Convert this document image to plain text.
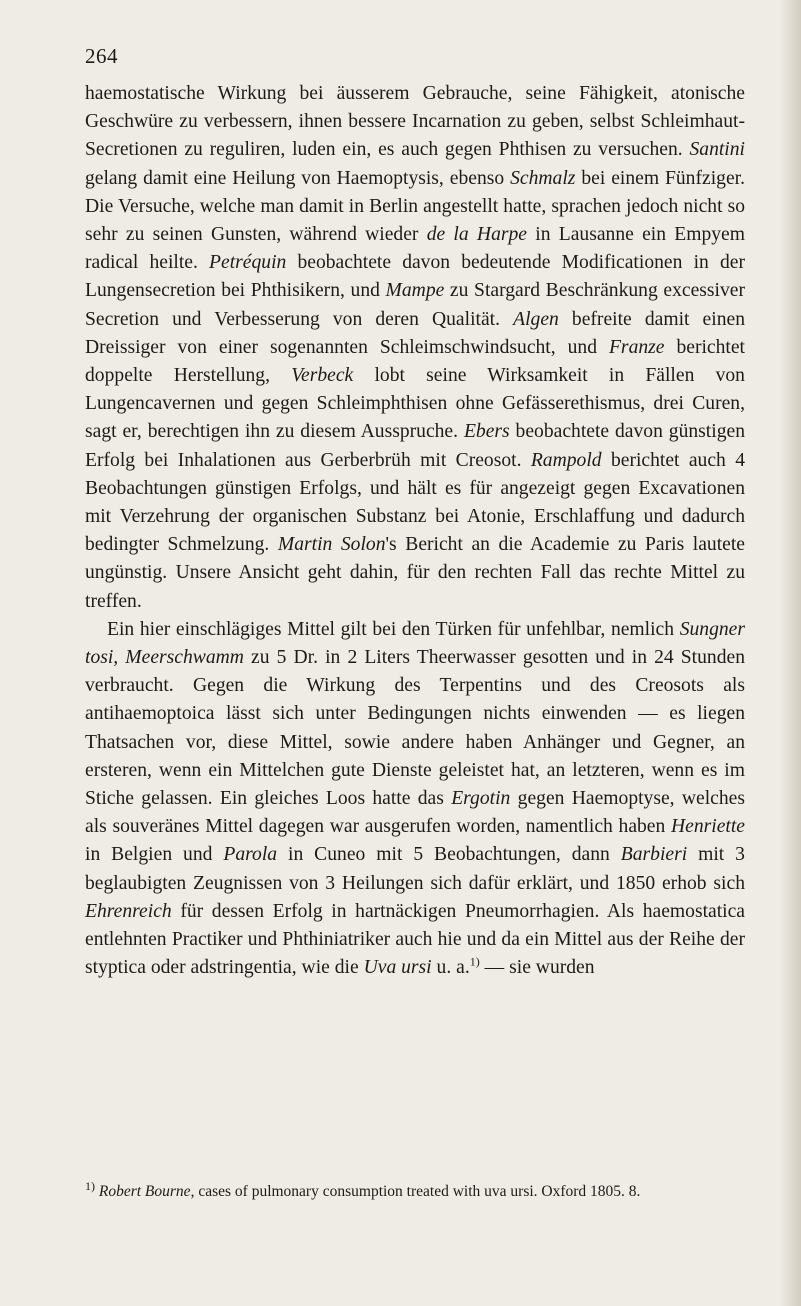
264

haemostatische Wirkung bei äusserem Gebrauche, seine Fähigkeit, atonische Geschwüre zu verbessern, ihnen bessere Incarnation zu geben, selbst Schleimhaut-Secretionen zu reguliren, luden ein, es auch gegen Phthisen zu versuchen. Santini gelang damit eine Heilung von Haemoptysis, ebenso Schmalz bei einem Fünfziger. Die Versuche, welche man damit in Berlin angestellt hatte, sprachen jedoch nicht so sehr zu seinen Gunsten, während wieder de la Harpe in Lausanne ein Empyem radical heilte. Petréquin beobachtete davon bedeutende Modificationen in der Lungensecretion bei Phthisikern, und Mampe zu Stargard Beschränkung excessiver Secretion und Verbesserung von deren Qualität. Algen befreite damit einen Dreissiger von einer sogenannten Schleimschwindsucht, und Franze berichtet doppelte Herstellung, Verbeck lobt seine Wirksamkeit in Fällen von Lungencavernen und gegen Schleimphthisen ohne Gefässerethismus, drei Curen, sagt er, berechtigen ihn zu diesem Ausspruche. Ebers beobachtete davon günstigen Erfolg bei Inhalationen aus Gerberbrüh mit Creosot. Rampold berichtet auch 4 Beobachtungen günstigen Erfolgs, und hält es für angezeigt gegen Excavationen mit Verzehrung der organischen Substanz bei Atonie, Erschlaffung und dadurch bedingter Schmelzung. Martin Solon's Bericht an die Academie zu Paris lautete ungünstig. Unsere Ansicht geht dahin, für den rechten Fall das rechte Mittel zu treffen.

Ein hier einschlägiges Mittel gilt bei den Türken für unfehlbar, nemlich Sungner tosi, Meerschwamm zu 5 Dr. in 2 Liters Theerwasser gesotten und in 24 Stunden verbraucht. Gegen die Wirkung des Terpentins und des Creosots als antihaemoptoica lässt sich unter Bedingungen nichts einwenden — es liegen Thatsachen vor, diese Mittel, sowie andere haben Anhänger und Gegner, an ersteren, wenn ein Mittelchen gute Dienste geleistet hat, an letzteren, wenn es im Stiche gelassen. Ein gleiches Loos hatte das Ergotin gegen Haemoptyse, welches als souveränes Mittel dagegen war ausgerufen worden, namentlich haben Henriette in Belgien und Parola in Cuneo mit 5 Beobachtungen, dann Barbieri mit 3 beglaubigten Zeugnissen von 3 Heilungen sich dafür erklärt, und 1850 erhob sich Ehrenreich für dessen Erfolg in hartnäckigen Pneumorrhagien. Als haemostatica entlehnten Practiker und Phthiniatriker auch hie und da ein Mittel aus der Reihe der styptica oder adstringentia, wie die Uva ursi u. a.$^{1)}$ — sie wurden

$^{1)}$ Robert Bourne, cases of pulmonary consumption treated with uva ursi. Oxford 1805. 8.
